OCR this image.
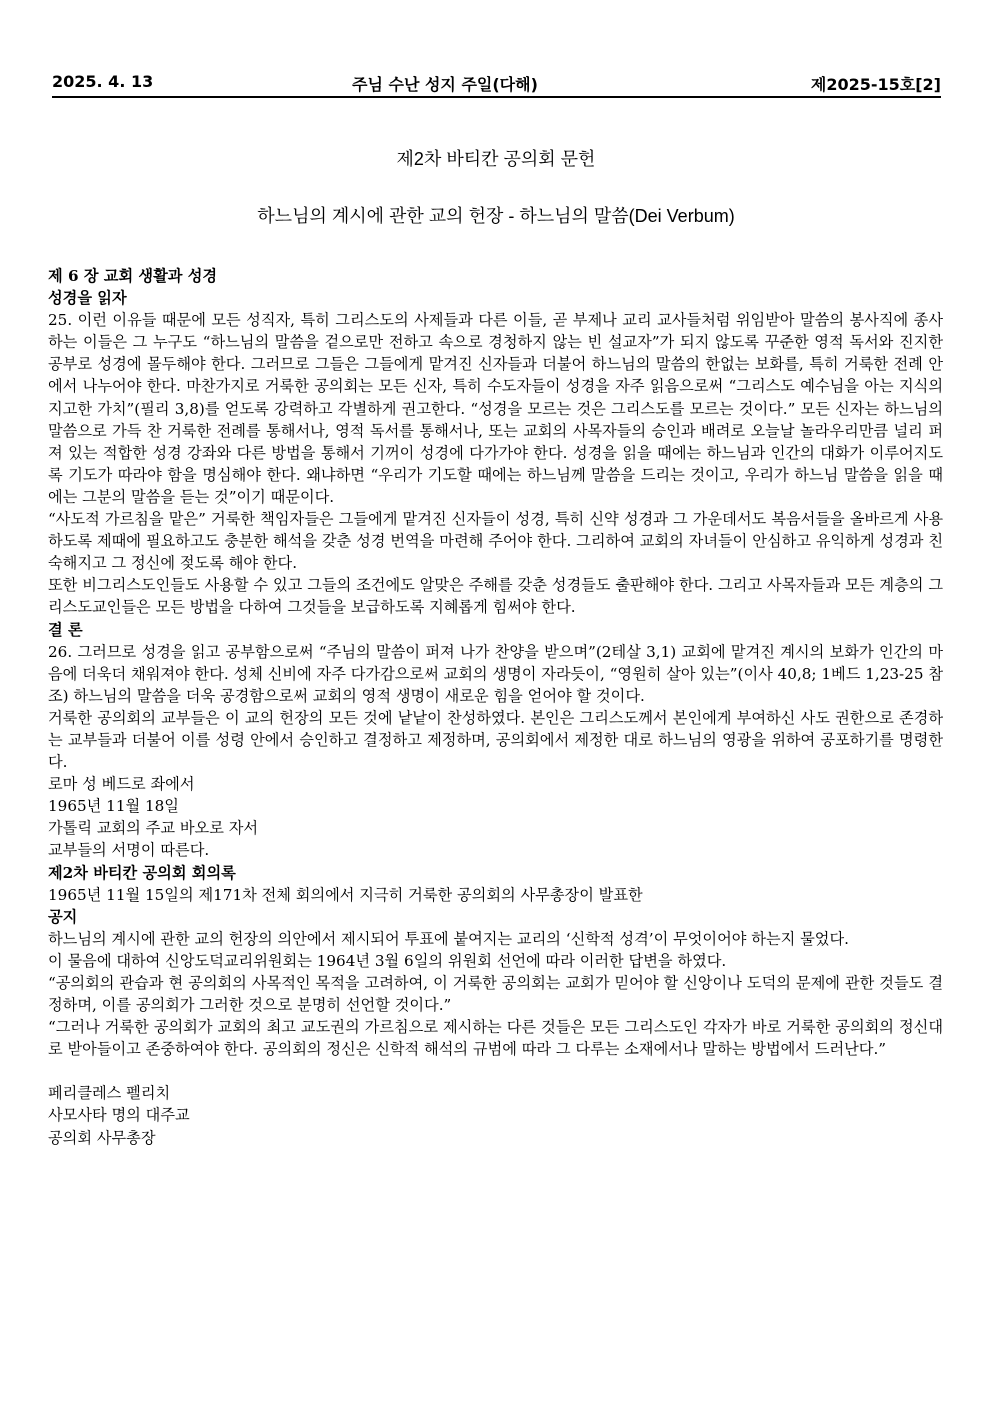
2025. 4. 13	주님 수난 성지 주일(다해)	제2025-15호[2]
제2차 바티칸 공의회 문헌
하느님의 계시에 관한 교의 헌장 - 하느님의 말씀(Dei Verbum)

제 6 장 교회 생활과 성경

성경을 읽자

25. 이런 이유들 때문에 모든 성직자, 특히 그리스도의 사제들과 다른 이들, 곧 부제나 교리 교사들처럼 위임받아 말씀의 봉사직에 종사하는 이들은 그 누구도 “하느님의 말씀을 겉으로만 전하고 속으로 경청하지 않는 빈 설교자”가 되지 않도록 꾸준한 영적 독서와 진지한 공부로 성경에 몰두해야 한다. 그러므로 그들은 그들에게 맡겨진 신자들과 더불어 하느님의 말씀의 한없는 보화를, 특히 거룩한 전례 안에서 나누어야 한다. 마찬가지로 거룩한 공의회는 모든 신자, 특히 수도자들이 성경을 자주 읽음으로써 “그리스도 예수님을 아는 지식의 지고한 가치”(필리 3,8)를 얻도록 강력하고 각별하게 권고한다. “성경을 모르는 것은 그리스도를 모르는 것이다.” 모든 신자는 하느님의 말씀으로 가득 찬 거룩한 전례를 통해서나, 영적 독서를 통해서나, 또는 교회의 사목자들의 승인과 배려로 오늘날 놀라우리만큼 널리 퍼져 있는 적합한 성경 강좌와 다른 방법을 통해서 기꺼이 성경에 다가가야 한다. 성경을 읽을 때에는 하느님과 인간의 대화가 이루어지도록 기도가 따라야 함을 명심해야 한다. 왜냐하면 “우리가 기도할 때에는 하느님께 말씀을 드리는 것이고, 우리가 하느님 말씀을 읽을 때에는 그분의 말씀을 듣는 것”이기 때문이다.

“사도적 가르침을 맡은” 거룩한 책임자들은 그들에게 맡겨진 신자들이 성경, 특히 신약 성경과 그 가운데서도 복음서들을 올바르게 사용하도록 제때에 필요하고도 충분한 해석을 갖춘 성경 번역을 마련해 주어야 한다. 그리하여 교회의 자녀들이 안심하고 유익하게 성경과 친숙해지고 그 정신에 젖도록 해야 한다.

또한 비그리스도인들도 사용할 수 있고 그들의 조건에도 알맞은 주해를 갖춘 성경들도 출판해야 한다. 그리고 사목자들과 모든 계층의 그리스도교인들은 모든 방법을 다하여 그것들을 보급하도록 지혜롭게 힘써야 한다.

결 론

26. 그러므로 성경을 읽고 공부함으로써 “주님의 말씀이 퍼져 나가 찬양을 받으며”(2테살 3,1) 교회에 맡겨진 계시의 보화가 인간의 마음에 더욱더 채워져야 한다. 성체 신비에 자주 다가감으로써 교회의 생명이 자라듯이, “영원히 살아 있는”(이사 40,8; 1베드 1,23-25 참조) 하느님의 말씀을 더욱 공경함으로써 교회의 영적 생명이 새로운 힘을 얻어야 할 것이다.

거룩한 공의회의 교부들은 이 교의 헌장의 모든 것에 낱낱이 찬성하였다. 본인은 그리스도께서 본인에게 부여하신 사도 권한으로 존경하는 교부들과 더불어 이를 성령 안에서 승인하고 결정하고 제정하며, 공의회에서 제정한 대로 하느님의 영광을 위하여 공포하기를 명령한다.

로마 성 베드로 좌에서

1965년 11월 18일

가톨릭 교회의 주교 바오로 자서

교부들의 서명이 따른다.

제2차 바티칸 공의회 회의록

1965년 11월 15일의 제171차 전체 회의에서 지극히 거룩한 공의회의 사무총장이 발표한

공지

하느님의 계시에 관한 교의 헌장의 의안에서 제시되어 투표에 붙여지는 교리의 ‘신학적 성격’이 무엇이어야 하는지 물었다.

이 물음에 대하여 신앙도덕교리위원회는 1964년 3월 6일의 위원회 선언에 따라 이러한 답변을 하였다.

“공의회의 관습과 현 공의회의 사목적인 목적을 고려하여, 이 거룩한 공의회는 교회가 믿어야 할 신앙이나 도덕의 문제에 관한 것들도 결정하며, 이를 공의회가 그러한 것으로 분명히 선언할 것이다.”

“그러나 거룩한 공의회가 교회의 최고 교도권의 가르침으로 제시하는 다른 것들은 모든 그리스도인 각자가 바로 거룩한 공의회의 정신대로 받아들이고 존중하여야 한다. 공의회의 정신은 신학적 해석의 규범에 따라 그 다루는 소재에서나 말하는 방법에서 드러난다.”

페리클레스 펠리치

사모사타 명의 대주교

공의회 사무총장
